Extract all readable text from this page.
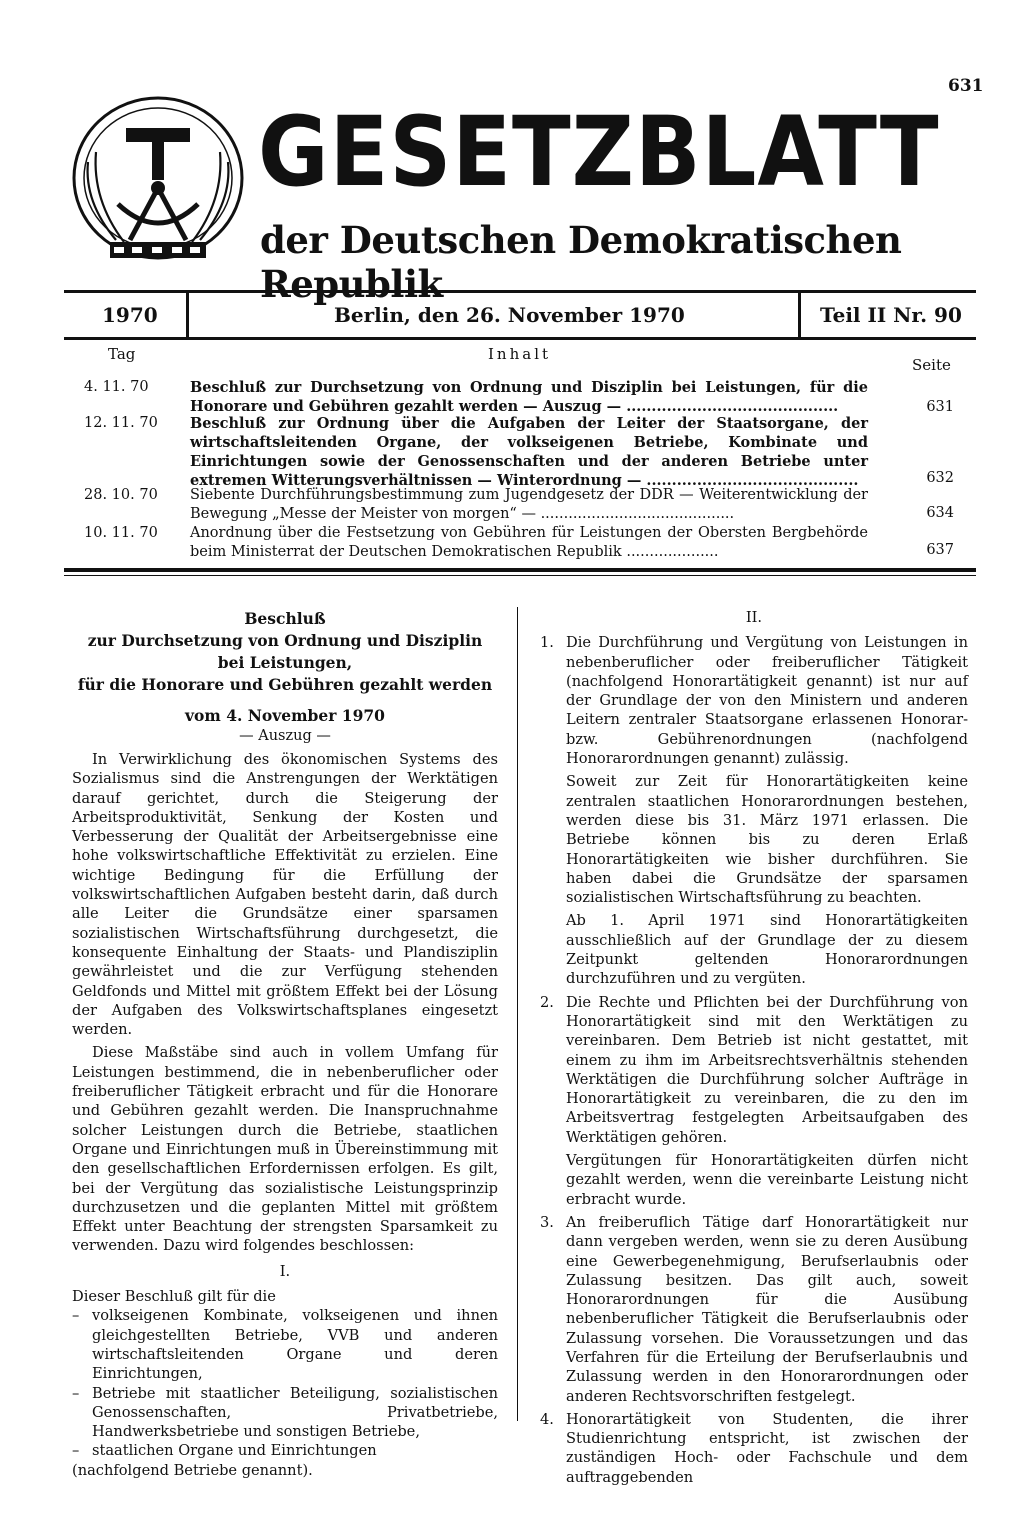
631
GESETZBLATT
der Deutschen Demokratischen Republik
1970	Berlin, den 26. November 1970	Teil II Nr. 90
Tag	Inhalt
Seite
4. 11. 70	Beschluß zur Durchsetzung von Ordnung und Disziplin bei Leistungen, für die Honorare und Gebühren gezahlt werden — Auszug — ..........................................	631
12. 11. 70	Beschluß zur Ordnung über die Aufgaben der Leiter der Staatsorgane, der wirtschaftsleitenden Organe, der volkseigenen Betriebe, Kombinate und Einrichtungen sowie der Genossenschaften und der anderen Betriebe unter extremen Witterungsverhältnissen — Winterordnung — ..........................................	632
28. 10. 70	Siebente Durchführungsbestimmung zum Jugendgesetz der DDR — Weiterentwicklung der Bewegung „Messe der Meister von morgen“ — ..........................................	634
10. 11. 70	Anordnung über die Festsetzung von Gebühren für Leistungen der Obersten Bergbehörde beim Ministerrat der Deutschen Demokratischen Republik ....................	637
Beschluß
zur Durchsetzung von Ordnung und Disziplin
bei Leistungen,
für die Honorare und Gebühren gezahlt werden
vom 4. November 1970
— Auszug —

In Verwirklichung des ökonomischen Systems des Sozialismus sind die Anstrengungen der Werktätigen darauf gerichtet, durch die Steigerung der Arbeitsproduktivität, Senkung der Kosten und Verbesserung der Qualität der Arbeitsergebnisse eine hohe volkswirtschaftliche Effektivität zu erzielen. Eine wichtige Bedingung für die Erfüllung der volkswirtschaftlichen Aufgaben besteht darin, daß durch alle Leiter die Grundsätze einer sparsamen sozialistischen Wirtschaftsführung durchgesetzt, die konsequente Einhaltung der Staats- und Plandisziplin gewährleistet und die zur Verfügung stehenden Geldfonds und Mittel mit größtem Effekt bei der Lösung der Aufgaben des Volkswirtschaftsplanes eingesetzt werden.

Diese Maßstäbe sind auch in vollem Umfang für Leistungen bestimmend, die in nebenberuflicher oder freiberuflicher Tätigkeit erbracht und für die Honorare und Gebühren gezahlt werden. Die Inanspruchnahme solcher Leistungen durch die Betriebe, staatlichen Organe und Einrichtungen muß in Übereinstimmung mit den gesellschaftlichen Erfordernissen erfolgen. Es gilt, bei der Vergütung das sozialistische Leistungsprinzip durchzusetzen und die geplanten Mittel mit größtem Effekt unter Beachtung der strengsten Sparsamkeit zu verwenden. Dazu wird folgendes beschlossen:

I.

Dieser Beschluß gilt für die

– volkseigenen Kombinate, volkseigenen und ihnen gleichgestellten Betriebe, VVB und anderen wirtschaftsleitenden Organe und deren Einrichtungen,

– Betriebe mit staatlicher Beteiligung, sozialistischen Genossenschaften, Privatbetriebe, Handwerksbetriebe und sonstigen Betriebe,

– staatlichen Organe und Einrichtungen

(nachfolgend Betriebe genannt).

II.

1. Die Durchführung und Vergütung von Leistungen in nebenberuflicher oder freiberuflicher Tätigkeit (nachfolgend Honorartätigkeit genannt) ist nur auf der Grundlage der von den Ministern und anderen Leitern zentraler Staatsorgane erlassenen Honorar- bzw. Gebührenordnungen (nachfolgend Honorarordnungen genannt) zulässig.

Soweit zur Zeit für Honorartätigkeiten keine zentralen staatlichen Honorarordnungen bestehen, werden diese bis 31. März 1971 erlassen. Die Betriebe können bis zu deren Erlaß Honorartätigkeiten wie bisher durchführen. Sie haben dabei die Grundsätze der sparsamen sozialistischen Wirtschaftsführung zu beachten.

Ab 1. April 1971 sind Honorartätigkeiten ausschließlich auf der Grundlage der zu diesem Zeitpunkt geltenden Honorarordnungen durchzuführen und zu vergüten.

2. Die Rechte und Pflichten bei der Durchführung von Honorartätigkeit sind mit den Werktätigen zu vereinbaren. Dem Betrieb ist nicht gestattet, mit einem zu ihm im Arbeitsrechtsverhältnis stehenden Werktätigen die Durchführung solcher Aufträge in Honorartätigkeit zu vereinbaren, die zu den im Arbeitsvertrag festgelegten Arbeitsaufgaben des Werktätigen gehören.

Vergütungen für Honorartätigkeiten dürfen nicht gezahlt werden, wenn die vereinbarte Leistung nicht erbracht wurde.

3. An freiberuflich Tätige darf Honorartätigkeit nur dann vergeben werden, wenn sie zu deren Ausübung eine Gewerbegenehmigung, Berufserlaubnis oder Zulassung besitzen. Das gilt auch, soweit Honorarordnungen für die Ausübung nebenberuflicher Tätigkeit die Berufserlaubnis oder Zulassung vorsehen. Die Voraussetzungen und das Verfahren für die Erteilung der Berufserlaubnis und Zulassung werden in den Honorarordnungen oder anderen Rechtsvorschriften festgelegt.

4. Honorartätigkeit von Studenten, die ihrer Studienrichtung entspricht, ist zwischen der zuständigen Hoch- oder Fachschule und dem auftraggebenden
